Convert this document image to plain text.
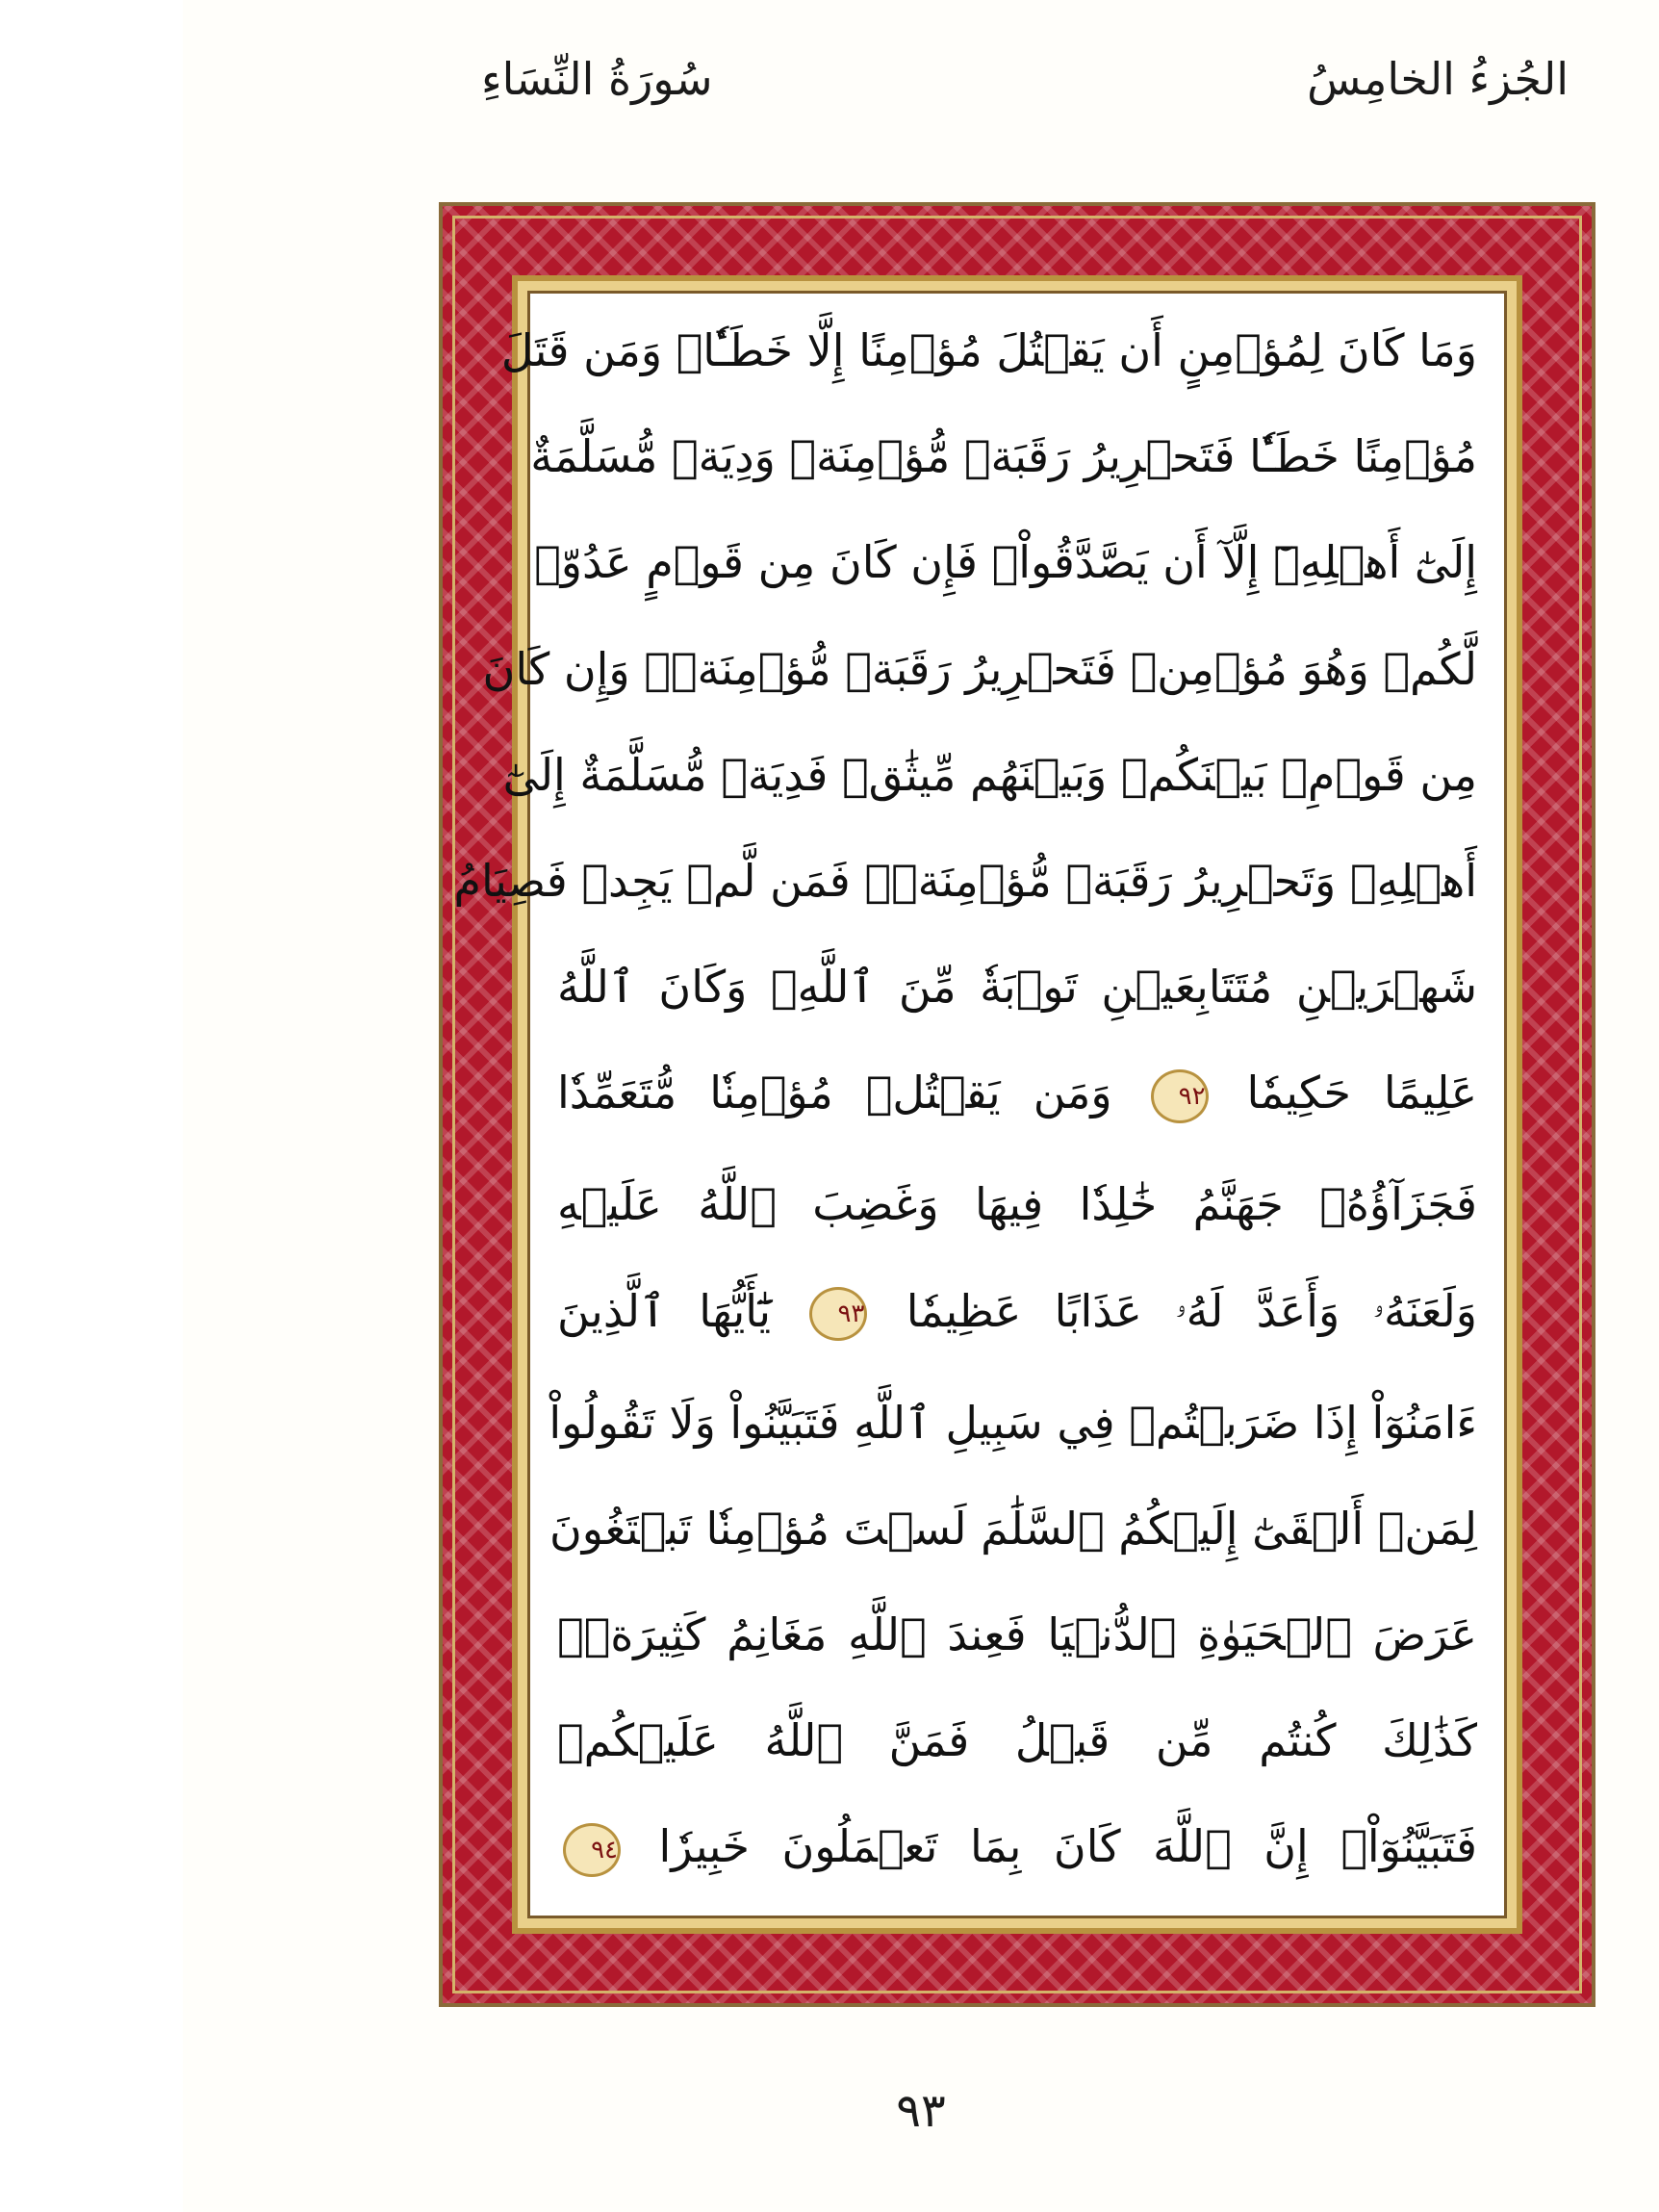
الجُزءُ الخامِسُ
سُورَةُ النِّسَاءِ
وَمَا كَانَ لِمُؤۡمِنٍ أَن يَقۡتُلَ مُؤۡمِنًا إِلَّا خَطَـٔٗاۚ وَمَن قَتَلَ
مُؤۡمِنًا خَطَـٔٗا فَتَحۡرِيرُ رَقَبَةٖ مُّؤۡمِنَةٖ وَدِيَةٞ مُّسَلَّمَةٌ
إِلَىٰٓ أَهۡلِهِۦٓ إِلَّآ أَن يَصَّدَّقُواْۚ فَإِن كَانَ مِن قَوۡمٍ عَدُوّٖ
لَّكُمۡ وَهُوَ مُؤۡمِنٞ فَتَحۡرِيرُ رَقَبَةٖ مُّؤۡمِنَةٖۖ وَإِن كَانَ
مِن قَوۡمِۭ بَيۡنَكُمۡ وَبَيۡنَهُم مِّيثَٰقٞ فَدِيَةٞ مُّسَلَّمَةٌ إِلَىٰٓ
أَهۡلِهِۦ وَتَحۡرِيرُ رَقَبَةٖ مُّؤۡمِنَةٖۖ فَمَن لَّمۡ يَجِدۡ فَصِيَامُ
شَهۡرَيۡنِ مُتَتَابِعَيۡنِ تَوۡبَةٗ مِّنَ ٱللَّهِۗ وَكَانَ ٱللَّهُ
عَلِيمًا حَكِيمٗا ٩٢ وَمَن يَقۡتُلۡ مُؤۡمِنٗا مُّتَعَمِّدٗا
فَجَزَآؤُهُۥ جَهَنَّمُ خَٰلِدٗا فِيهَا وَغَضِبَ ٱللَّهُ عَلَيۡهِ
وَلَعَنَهُۥ وَأَعَدَّ لَهُۥ عَذَابًا عَظِيمٗا ٩٣ يَٰٓأَيُّهَا ٱلَّذِينَ
ءَامَنُوٓاْ إِذَا ضَرَبۡتُمۡ فِي سَبِيلِ ٱللَّهِ فَتَبَيَّنُواْ وَلَا تَقُولُواْ
لِمَنۡ أَلۡقَىٰٓ إِلَيۡكُمُ ٱلسَّلَٰمَ لَسۡتَ مُؤۡمِنٗا تَبۡتَغُونَ
عَرَضَ ٱلۡحَيَوٰةِ ٱلدُّنۡيَا فَعِندَ ٱللَّهِ مَغَانِمُ كَثِيرَةٞۚ
كَذَٰلِكَ كُنتُم مِّن قَبۡلُ فَمَنَّ ٱللَّهُ عَلَيۡكُمۡ
فَتَبَيَّنُوٓاْۚ إِنَّ ٱللَّهَ كَانَ بِمَا تَعۡمَلُونَ خَبِيرٗا ٩٤
٩٣
